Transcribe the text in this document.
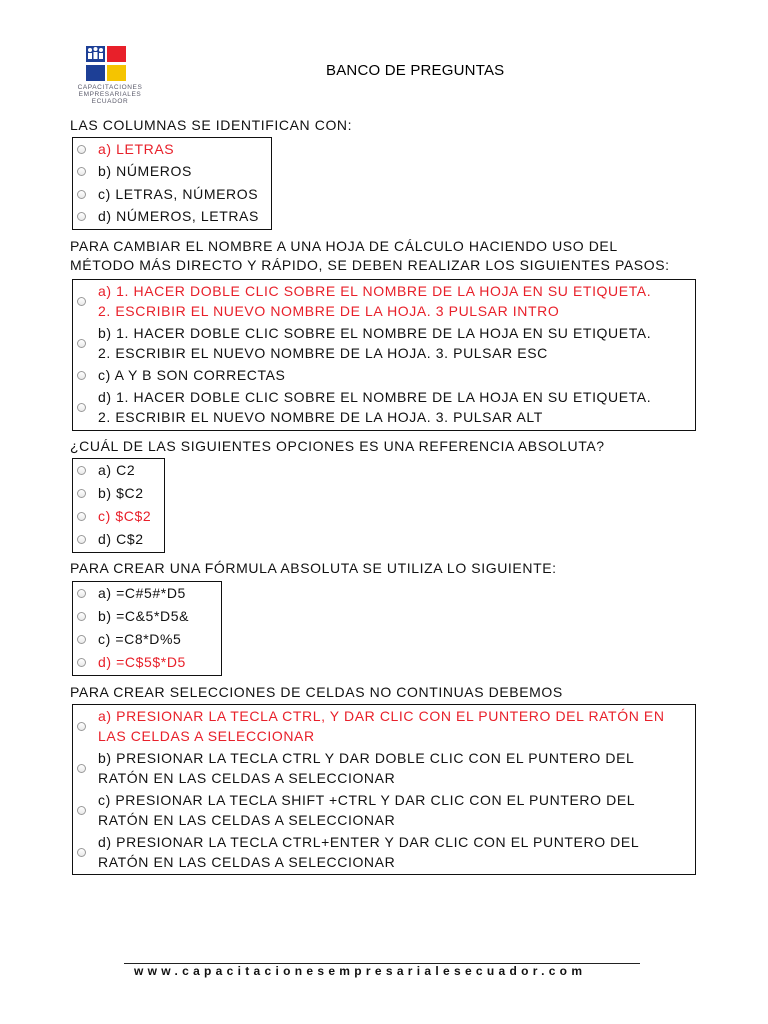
CAPACITACIONES
EMPRESARIALES
ECUADOR
BANCO DE PREGUNTAS
LAS COLUMNAS SE IDENTIFICAN CON:
a) LETRAS
b) NÚMEROS
c) LETRAS, NÚMEROS
d) NÚMEROS, LETRAS
PARA CAMBIAR EL NOMBRE A UNA HOJA DE CÁLCULO HACIENDO USO DEL
MÉTODO MÁS DIRECTO Y RÁPIDO, SE DEBEN REALIZAR LOS SIGUIENTES PASOS:
a) 1. HACER DOBLE CLIC SOBRE EL NOMBRE DE LA HOJA EN SU ETIQUETA.
2. ESCRIBIR EL NUEVO NOMBRE DE LA HOJA. 3 PULSAR INTRO
b) 1. HACER DOBLE CLIC SOBRE EL NOMBRE DE LA HOJA EN SU ETIQUETA.
2. ESCRIBIR EL NUEVO NOMBRE DE LA HOJA. 3. PULSAR ESC
c) A Y B SON CORRECTAS
d) 1. HACER DOBLE CLIC SOBRE EL NOMBRE DE LA HOJA EN SU ETIQUETA.
2. ESCRIBIR EL NUEVO NOMBRE DE LA HOJA. 3. PULSAR ALT
¿CUÁL DE LAS SIGUIENTES OPCIONES ES UNA REFERENCIA ABSOLUTA?
a) C2
b) $C2
c) $C$2
d) C$2
PARA CREAR UNA FÓRMULA ABSOLUTA SE UTILIZA LO SIGUIENTE:
a) =C#5#*D5
b) =C&5*D5&
c) =C8*D%5
d) =C$5$*D5
PARA CREAR SELECCIONES DE CELDAS NO CONTINUAS DEBEMOS
a) PRESIONAR LA TECLA CTRL, Y DAR CLIC CON EL PUNTERO DEL RATÓN EN
LAS CELDAS A SELECCIONAR
b) PRESIONAR LA TECLA CTRL Y DAR DOBLE CLIC CON EL PUNTERO DEL
RATÓN EN LAS CELDAS A SELECCIONAR
c) PRESIONAR LA TECLA SHIFT +CTRL Y DAR CLIC CON EL PUNTERO DEL
RATÓN EN LAS CELDAS A SELECCIONAR
d) PRESIONAR LA TECLA CTRL+ENTER Y DAR CLIC CON EL PUNTERO DEL
RATÓN EN LAS CELDAS A SELECCIONAR
www.capacitacionesempresarialesecuador.com
